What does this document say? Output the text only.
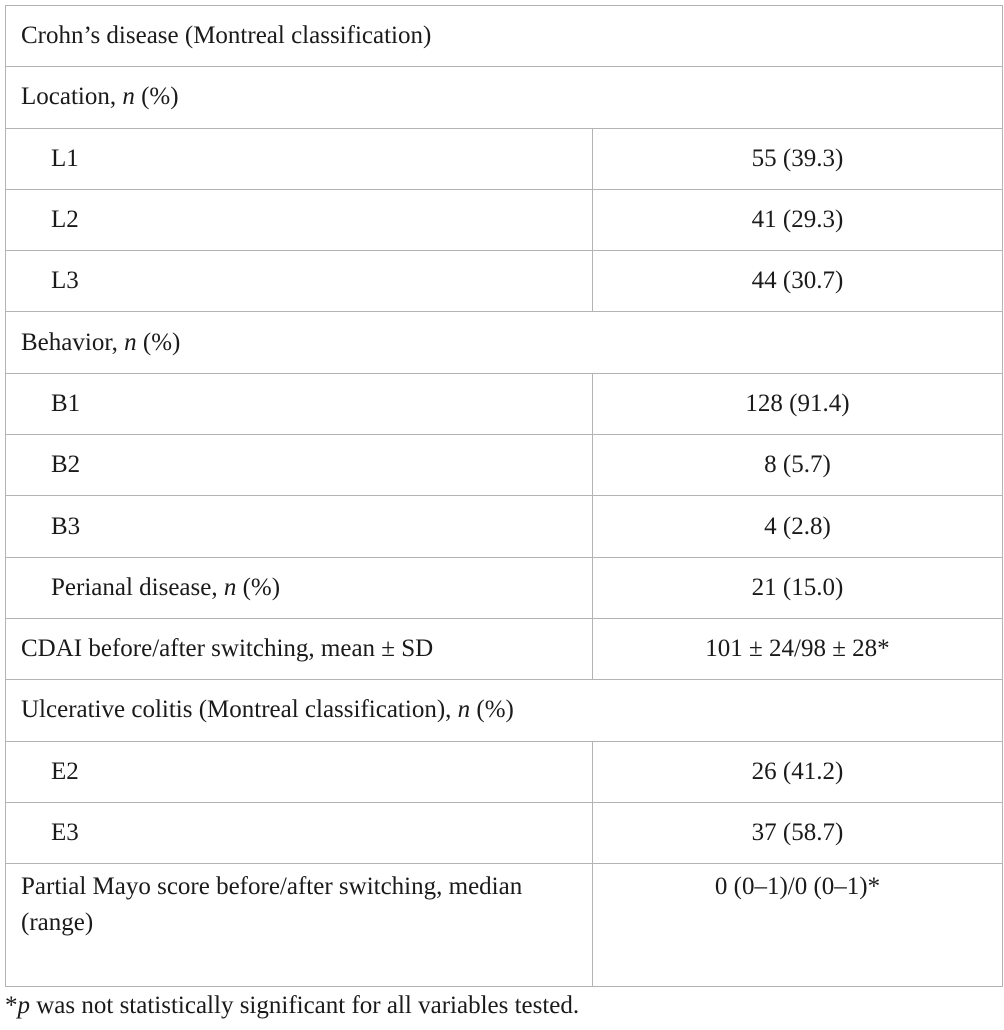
Crohn’s disease (Montreal classification)	
Location, n (%)	
L1	55 (39.3)
L2	41 (29.3)
L3	44 (30.7)
Behavior, n (%)	
B1	128 (91.4)
B2	8 (5.7)
B3	4 (2.8)
Perianal disease, n (%)	21 (15.0)
CDAI before/after switching, mean ± SD	101 ± 24/98 ± 28*
Ulcerative colitis (Montreal classification), n (%)	
E2	26 (41.2)
E3	37 (58.7)
Partial Mayo score before/after switching, median (range)	0 (0–1)/0 (0–1)*
*p was not statistically significant for all variables tested.
